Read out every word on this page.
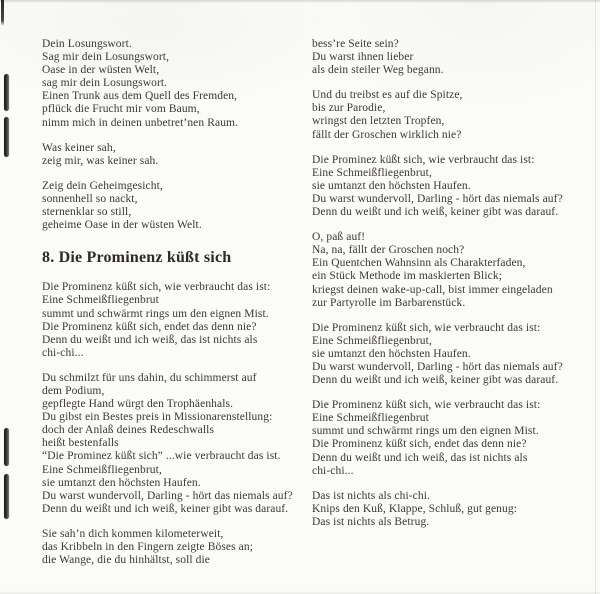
Dein Losungswort.
Sag mir dein Losungswort,
Oase in der wüsten Welt,
sag mir dein Losungswort.
Einen Trunk aus dem Quell des Fremden,
pflück die Frucht mir vom Baum,
nimm mich in deinen unbetret’nen Raum.

Was keiner sah,
zeig mir, was keiner sah.

Zeig dein Geheimgesicht,
sonnenhell so nackt,
sternenklar so still,
geheime Oase in der wüsten Welt.

8. Die Prominenz küßt sich

Die Prominenz küßt sich, wie verbraucht das ist:
Eine Schmeißfliegenbrut
summt und schwärmt rings um den eignen Mist.
Die Prominenz küßt sich, endet das denn nie?
Denn du weißt und ich weiß, das ist nichts als
chi-chi...

Du schmilzt für uns dahin, du schimmerst auf
dem Podium,
gepflegte Hand würgt den Trophäenhals.
Du gibst ein Bestes preis in Missionarenstellung:
doch der Anlaß deines Redeschwalls
heißt bestenfalls
“Die Prominez küßt sich” ...wie verbraucht das ist.
Eine Schmeißfliegenbrut,
sie umtanzt den höchsten Haufen.
Du warst wundervoll, Darling - hört das niemals auf?
Denn du weißt und ich weiß, keiner gibt was darauf.

Sie sah’n dich kommen kilometerweit,
das Kribbeln in den Fingern zeigte Böses an;
die Wange, die du hinhältst, soll die

bess’re Seite sein?
Du warst ihnen lieber
als dein steiler Weg begann.

Und du treibst es auf die Spitze,
bis zur Parodie,
wringst den letzten Tropfen,
fällt der Groschen wirklich nie?

Die Prominez küßt sich, wie verbraucht das ist:
Eine Schmeißfliegenbrut,
sie umtanzt den höchsten Haufen.
Du warst wundervoll, Darling - hört das niemals auf?
Denn du weißt und ich weiß, keiner gibt was darauf.

O, paß auf!
Na, na, fällt der Groschen noch?
Ein Quentchen Wahnsinn als Charakterfaden,
ein Stück Methode im maskierten Blick;
kriegst deinen wake-up-call, bist immer eingeladen
zur Partyrolle im Barbarenstück.

Die Prominenz küßt sich, wie verbraucht das ist:
Eine Schmeißfliegenbrut,
sie umtanzt den höchsten Haufen.
Du warst wundervoll, Darling - hört das niemals auf?
Denn du weißt und ich weiß, keiner gibt was darauf.

Die Prominenz küßt sich, wie verbraucht das ist:
Eine Schmeißfliegenbrut
summt und schwärmt rings um den eignen Mist.
Die Prominenz küßt sich, endet das denn nie?
Denn du weißt und ich weiß, das ist nichts als
chi-chi...

Das ist nichts als chi-chi.
Knips den Kuß, Klappe, Schluß, gut genug:
Das ist nichts als Betrug.
